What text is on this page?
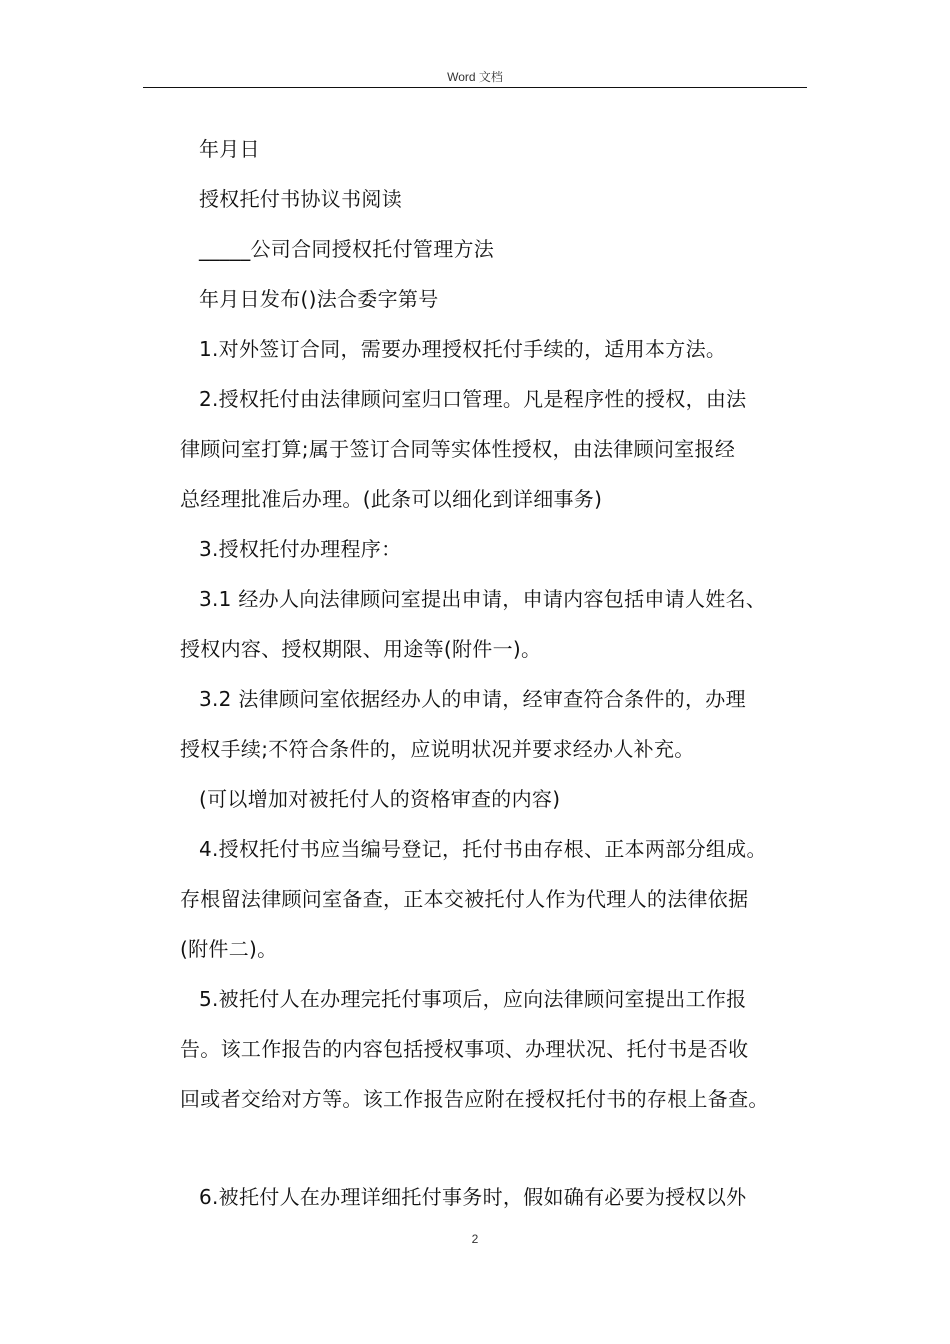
Word 文档
年月日
授权托付书协议书阅读
_____公司合同授权托付管理方法
年月日发布()法合委字第号
1.对外签订合同，需要办理授权托付手续的，适用本方法。
2.授权托付由法律顾问室归口管理。凡是程序性的授权，由法
律顾问室打算;属于签订合同等实体性授权，由法律顾问室报经
总经理批准后办理。(此条可以细化到详细事务)
3.授权托付办理程序：
3.1 经办人向法律顾问室提出申请，申请内容包括申请人姓名、
授权内容、授权期限、用途等(附件一)。
3.2 法律顾问室依据经办人的申请，经审查符合条件的，办理
授权手续;不符合条件的，应说明状况并要求经办人补充。
(可以增加对被托付人的资格审查的内容)
4.授权托付书应当编号登记，托付书由存根、正本两部分组成。
存根留法律顾问室备查，正本交被托付人作为代理人的法律依据
(附件二)。
5.被托付人在办理完托付事项后，应向法律顾问室提出工作报
告。该工作报告的内容包括授权事项、办理状况、托付书是否收
回或者交给对方等。该工作报告应附在授权托付书的存根上备查。
6.被托付人在办理详细托付事务时，假如确有必要为授权以外
2
